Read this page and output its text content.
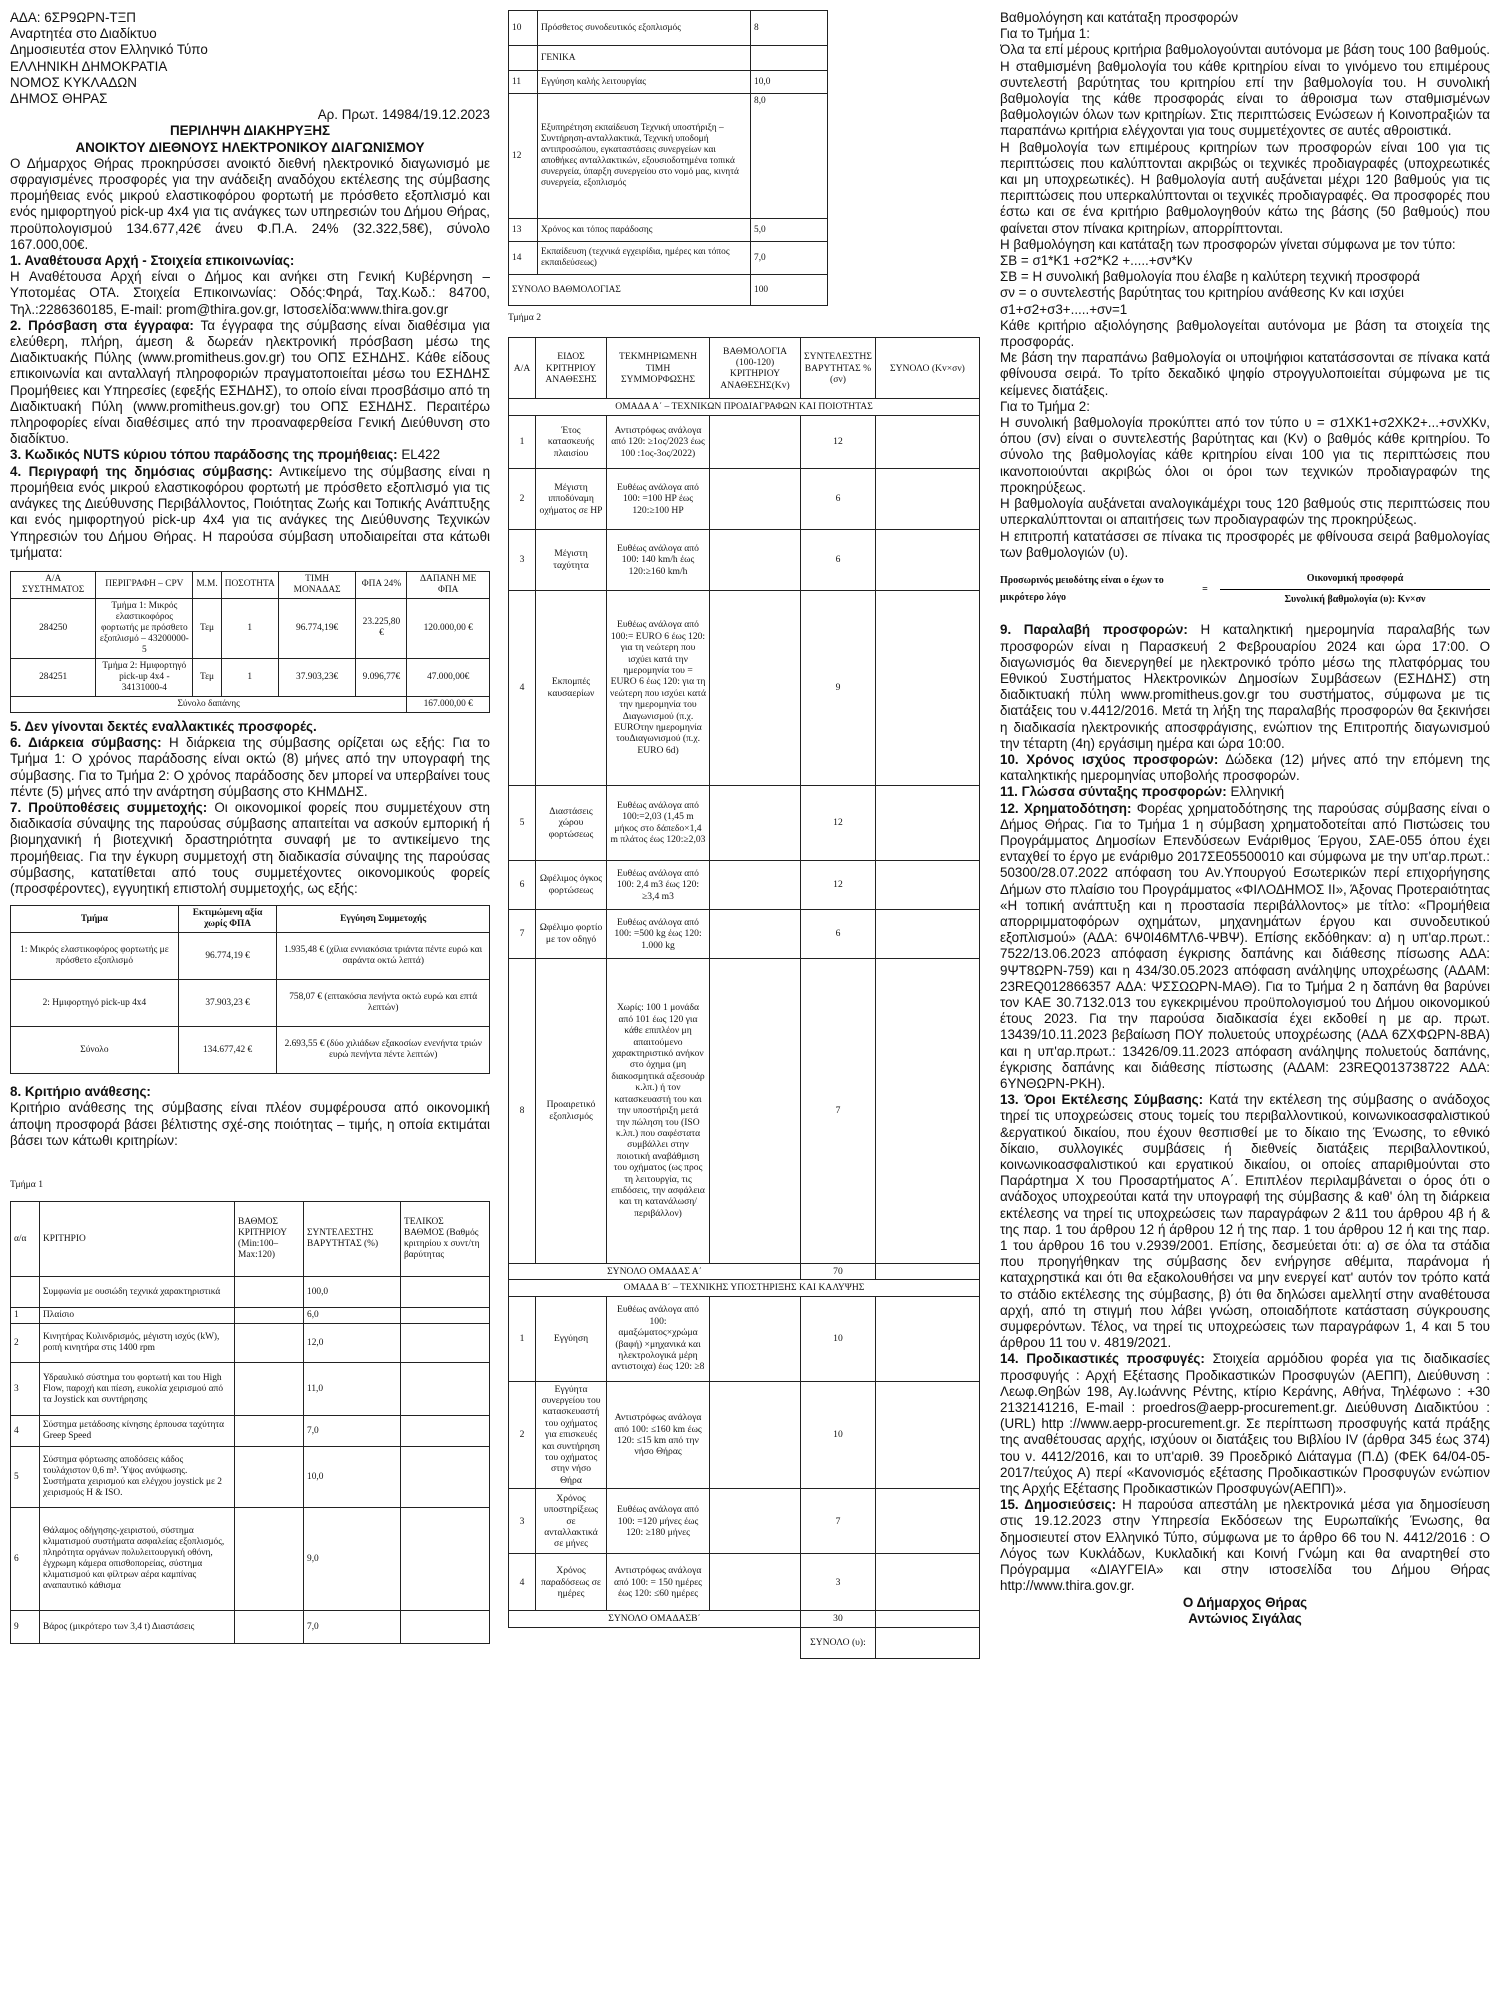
ΑΔΑ: 6ΣΡ9ΩΡΝ-ΤΞΠ
Αναρτητέα στο Διαδίκτυο
Δημοσιευτέα στον Ελληνικό Τύπο
ΕΛΛΗΝΙΚΗ ΔΗΜΟΚΡΑΤΙΑ
ΝΟΜΟΣ ΚΥΚΛΑΔΩΝ
ΔΗΜΟΣ ΘΗΡΑΣ
Αρ. Πρωτ. 14984/19.12.2023
ΠΕΡΙΛΗΨΗ ΔΙΑΚΗΡΥΞΗΣ
ΑΝΟΙΚΤΟΥ ΔΙΕΘΝΟΥΣ ΗΛΕΚΤΡΟΝΙΚΟΥ ΔΙΑΓΩΝΙΣΜΟΥ

Ο Δήμαρχος Θήρας προκηρύσσει ανοικτό διεθνή ηλεκτρονικό διαγωνισμό με σφραγισμένες προσφορές για την ανάδειξη αναδόχου εκτέλεσης της σύμβασης προμήθειας ενός μικρού ελαστικοφόρου φορτωτή με πρόσθετο εξοπλισμό και ενός ημιφορτηγού pick-up 4x4 για τις ανάγκες των υπηρεσιών του Δήμου Θήρας, προϋπολογισμού 134.677,42€ άνευ Φ.Π.Α. 24% (32.322,58€), σύνολο 167.000,00€.

1. Αναθέτουσα Αρχή - Στοιχεία επικοινωνίας:
Η Αναθέτουσα Αρχή είναι ο Δήμος και ανήκει στη Γενική Κυβέρνηση – Υποτομέας ΟΤΑ. Στοιχεία Επικοινωνίας: Οδός:Φηρά, Ταχ.Κωδ.: 84700, Τηλ.:2286360185, E-mail: prom@thira.gov.gr, Ιστοσελίδα:www.thira.gov.gr

2. Πρόσβαση στα έγγραφα: Τα έγγραφα της σύμβασης είναι διαθέσιμα για ελεύθερη, πλήρη, άμεση & δωρεάν ηλεκτρονική πρόσβαση μέσω της Διαδικτυακής Πύλης (www.promitheus.gov.gr) του ΟΠΣ ΕΣΗΔΗΣ. Κάθε είδους επικοινωνία και ανταλλαγή πληροφοριών πραγματοποιείται μέσω του ΕΣΗΔΗΣ Προμήθειες και Υπηρεσίες (εφεξής ΕΣΗΔΗΣ), το οποίο είναι προσβάσιμο από τη Διαδικτυακή Πύλη (www.promitheus.gov.gr) του ΟΠΣ ΕΣΗΔΗΣ. Περαιτέρω πληροφορίες είναι διαθέσιμες από την προαναφερθείσα Γενική Διεύθυνση στο διαδίκτυο.

3. Κωδικός NUTS κύριου τόπου παράδοσης της προμήθειας: EL422

4. Περιγραφή της δημόσιας σύμβασης: Αντικείμενο της σύμβασης είναι η προμήθεια ενός μικρού ελαστικοφόρου φορτωτή με πρόσθετο εξοπλισμό για τις ανάγκες της Διεύθυνσης Περιβάλλοντος, Ποιότητας Ζωής και Τοπικής Ανάπτυξης και ενός ημιφορτηγού pick-up 4x4 για τις ανάγκες της Διεύθυνσης Τεχνικών Υπηρεσιών του Δήμου Θήρας. Η παρούσα σύμβαση υποδιαιρείται στα κάτωθι τμήματα:

Α/Α ΣΥΣΤΗΜΑΤΟΣ	ΠΕΡΙΓΡΑΦΗ – CPV	Μ.Μ.	ΠΟΣΟΤΗΤΑ	ΤΙΜΗ ΜΟΝΑΔΑΣ	ΦΠΑ 24%	ΔΑΠΑΝΗ ΜΕ ΦΠΑ
284250	Τμήμα 1: Μικρός ελαστικοφόρος φορτωτής με πρόσθετο εξοπλισμό – 43200000-5	Τεμ	1	96.774,19€	23.225,80 €	120.000,00 €
284251	Τμήμα 2: Ημιφορτηγό pick-up 4x4 - 34131000-4	Τεμ	1	37.903,23€	9.096,77€	47.000,00€
Σύνολο δαπάνης						167.000,00 €

5. Δεν γίνονται δεκτές εναλλακτικές προσφορές.

6. Διάρκεια σύμβασης: Η διάρκεια της σύμβασης ορίζεται ως εξής: Για το Τμήμα 1: Ο χρόνος παράδοσης είναι οκτώ (8) μήνες από την υπογραφή της σύμβασης. Για το Τμήμα 2: Ο χρόνος παράδοσης δεν μπορεί να υπερβαίνει τους πέντε (5) μήνες από την ανάρτηση σύμβασης στο ΚΗΜΔΗΣ.

7. Προϋποθέσεις συμμετοχής: Οι οικονομικοί φορείς που συμμετέχουν στη διαδικασία σύναψης της παρούσας σύμβασης απαιτείται να ασκούν εμπορική ή βιομηχανική ή βιοτεχνική δραστηριότητα συναφή με το αντικείμενο της προμήθειας. Για την έγκυρη συμμετοχή στη διαδικασία σύναψης της παρούσας σύμβασης, κατατίθεται από τους συμμετέχοντες οικονομικούς φορείς (προσφέροντες), εγγυητική επιστολή συμμετοχής, ως εξής:

Τμήμα	Εκτιμώμενη αξία χωρίς ΦΠΑ	Εγγύηση Συμμετοχής
1: Μικρός ελαστικοφόρος φορτωτής με πρόσθετο εξοπλισμό	96.774,19 €	1.935,48 € (χίλια εννιακόσια τριάντα πέντε ευρώ και σαράντα οκτώ λεπτά)
2: Ημιφορτηγό pick-up 4x4	37.903,23 €	758,07 € (επτακόσια πενήντα οκτώ ευρώ και επτά λεπτών)
Σύνολο	134.677,42 €	2.693,55 € (δύο χιλιάδων εξακοσίων ενενήντα τριών ευρώ πενήντα πέντε λεπτών)

8. Κριτήριο ανάθεσης:
Κριτήριο ανάθεσης της σύμβασης είναι πλέον συμφέρουσα από οικονομική άποψη προσφορά βάσει βέλτιστης σχέ-σης ποιότητας – τιμής, η οποία εκτιμάται βάσει των κάτωθι κριτηρίων:

Τμήμα 1
α/α	ΚΡΙΤΗΡΙΟ	ΒΑΘΜΟΣ ΚΡΙΤΗΡΙΟΥ (Min:100–Max:120)	ΣΥΝΤΕΛΕΣΤΗΣ ΒΑΡΥΤΗΤΑΣ (%)	ΤΕΛΙΚΟΣ ΒΑΘΜΟΣ (Βαθμός κριτηρίου x συντ/τη βαρύτητας
	Συμφωνία με ουσιώδη τεχνικά χαρακτηριστικά		100,0	
1	Πλαίσιο		6,0	
2	Κινητήρας Κυλινδρισμός, μέγιστη ισχύς (kW), ροπή κινητήρα στις 1400 rpm		12,0	
3	Υδραυλικό σύστημα του φορτωτή και του High Flow, παροχή και πίεση, ευκολία χειρισμού από τα Joystick και συντήρησης		11,0	
4	Σύστημα μετάδοσης κίνησης έρπουσα ταχύτητα Greep Speed		7,0	
5	Σύστημα φόρτωσης αποδόσεις κάδος τουλάχιστον 0,6 m³. Ύψος ανύψωσης. Συστήματα χειρισμού και ελέγχου joystick με 2 χειρισμούς H & ISO.		10,0	
6	Θάλαμος οδήγησης-χειριστού, σύστημα κλιματισμού συστήματα ασφαλείας εξοπλισμός, πληρότητα οργάνων πολυλειτουργική οθόνη, έγχρωμη κάμερα οπισθοπορείας, σύστημα κλιματισμού και φίλτρων αέρα καμπίνας αναπαυτικό κάθισμα		9,0	
9	Βάρος (μικρότερο των 3,4 t) Διαστάσεις		7,0	
10	Πρόσθετος συνοδευτικός εξοπλισμός	8
	ΓΕΝΙΚΑ	
11	Εγγύηση καλής λειτουργίας	10,0
12	Εξυπηρέτηση εκπαίδευση Τεχνική υποστήριξη – Συντήρηση-ανταλλακτικά, Τεχνική υποδομή αντιπροσώπου, εγκαταστάσεις συνεργείων και αποθήκες ανταλλακτικών, εξουσιοδοτημένα τοπικά συνεργεία, ύπαρξη συνεργείου στο νομό μας, κινητά συνεργεία, εξοπλισμός	8,0
13	Χρόνος και τόπος παράδοσης	5,0
14	Εκπαίδευση (τεχνικά εγχειρίδια, ημέρες και τόπος εκπαιδεύσεως)	7,0
ΣΥΝΟΛΟ ΒΑΘΜΟΛΟΓΙΑΣ		100
Τμήμα 2
Α/Α	ΕΙΔΟΣ ΚΡΙΤΗΡΙΟΥ ΑΝΑΘΕΣΗΣ	ΤΕΚΜΗΡΙΩΜΕΝΗ ΤΙΜΗ ΣΥΜΜΟΡΦΩΣΗΣ	ΒΑΘΜΟΛΟΓΙΑ (100-120) ΚΡΙΤΗΡΙΟΥ ΑΝΑΘΕΣΗΣ(Kv)	ΣΥΝΤΕΛΕΣΤΗΣ ΒΑΡΥΤΗΤΑΣ % (σν)	ΣΥΝΟΛΟ (Kv×σν)
ΟΜΑΔΑ Α΄ – ΤΕΧΝΙΚΩΝ ΠΡΟΔΙΑΓΡΑΦΩΝ ΚΑΙ ΠΟΙΟΤΗΤΑΣ					
1	Έτος κατασκευής πλαισίου	Αντιστρόφως ανάλογα από 120: ≥1ος/2023 έως 100 :1ος-3ος/2022)		12	
2	Μέγιστη ιπποδύναμη οχήματος σε HP	Ευθέως ανάλογα από 100: =100 HP έως 120:≥100 HP		6	
3	Μέγιστη ταχύτητα	Ευθέως ανάλογα από 100: 140 km/h έως 120:≥160 km/h		6	
4	Εκπομπές καυσαερίων	Ευθέως ανάλογα από 100:= EURO 6 έως 120: για τη νεώτερη που ισχύει κατά την ημερομηνία του = EURO 6 έως 120: για τη νεώτερη που ισχύει κατά την ημερομηνία του Διαγωνισμού (π.χ. EUROτην ημερομηνία τουΔιαγωνισμού (π.χ. EURO 6d)		9	
5	Διαστάσεις χώρου φορτώσεως	Ευθέως ανάλογα από 100:=2,03 (1,45 m μήκος στο δάπεδο×1,4 m πλάτος έως 120:≥2,03		12	
6	Ωφέλιμος όγκος φορτώσεως	Ευθέως ανάλογα από 100: 2,4 m3 έως 120: ≥3,4 m3		12	
7	Ωφέλιμο φορτίο με τον οδηγό	Ευθέως ανάλογα από 100: =500 kg έως 120: 1.000 kg		6	
8	Προαιρετικό εξοπλισμός	Χωρίς: 100 1 μονάδα από 101 έως 120 για κάθε επιπλέον μη απαιτούμενο χαρακτηριστικό ανήκον στο όχημα (μη διακοσμητικά αξεσουάρ κ.λπ.) ή τον κατασκευαστή του και την υποστήριξη μετά την πώληση του (ISO κ.λπ.) που σαφέστατα συμβάλλει στην ποιοτική αναβάθμιση του οχήματος (ως προς τη λειτουργία, τις επιδόσεις, την ασφάλεια και τη κατανάλωση/περιβάλλον)		7	
ΣΥΝΟΛΟ ΟΜΑΔΑΣ Α΄				70	
ΟΜΑΔΑ Β΄ – ΤΕΧΝΙΚΗΣ ΥΠΟΣΤΗΡΙΞΗΣ ΚΑΙ ΚΑΛΥΨΗΣ					
1	Εγγύηση	Ευθέως ανάλογα από 100: αμαξώματος×χρώμα (βαφή) ×μηχανικά και ηλεκτρολογικά μέρη αντιστοιχα) έως 120: ≥8		10	
2	Εγγύητα συνεργείου του κατασκευαστή του οχήματος για επισκευές και συντήρηση του οχήματος στην νήσο Θήρα	Αντιστρόφως ανάλογα από 100: ≤160 km έως 120: ≤15 km από την νήσο Θήρας		10	
3	Χρόνος υποστηρίξεως σε ανταλλακτικά σε μήνες	Ευθέως ανάλογα από 100: =120 μήνες έως 120: ≥180 μήνες		7	
4	Χρόνος παραδόσεως σε ημέρες	Αντιστρόφως ανάλογα από 100: = 150 ημέρες έως 120: ≤60 ημέρες		3	
ΣΥΝΟΛΟ ΟΜΑΔΑΣΒ΄				30	
				ΣΥΝΟΛΟ (υ):	
Βαθμολόγηση και κατάταξη προσφορών
Για το Τμήμα 1:

Όλα τα επί μέρους κριτήρια βαθμολογούνται αυτόνομα με βάση τους 100 βαθμούς. Η σταθμισμένη βαθμολογία του κάθε κριτηρίου είναι το γινόμενο του επιμέρους συντελεστή βαρύτητας του κριτηρίου επί την βαθμολογία του. Η συνολική βαθμολογία της κάθε προσφοράς είναι το άθροισμα των σταθμισμένων βαθμολογιών όλων των κριτηρίων. Στις περιπτώσεις Ενώσεων ή Κοινοπραξιών τα παραπάνω κριτήρια ελέγχονται για τους συμμετέχοντες σε αυτές αθροιστικά.

Η βαθμολογία των επιμέρους κριτηρίων των προσφορών είναι 100 για τις περιπτώσεις που καλύπτονται ακριβώς οι τεχνικές προδιαγραφές (υποχρεωτικές και μη υποχρεωτικές). Η βαθμολογία αυτή αυξάνεται μέχρι 120 βαθμούς για τις περιπτώσεις που υπερκαλύπτονται οι τεχνικές προδιαγραφές. Θα προσφορές που έστω και σε ένα κριτήριο βαθμολογηθούν κάτω της βάσης (50 βαθμούς) που φαίνεται στον πίνακα κριτηρίων, απορρίπτονται.

Η βαθμολόγηση και κατάταξη των προσφορών γίνεται σύμφωνα με τον τύπο:

ΣΒ = σ1*Κ1 +σ2*Κ2 +.....+σν*Κν
ΣΒ = Η συνολική βαθμολογία που έλαβε η καλύτερη τεχνική προσφορά
σν = ο συντελεστής βαρύτητας του κριτηρίου ανάθεσης Κν και ισχύει
σ1+σ2+σ3+.....+σν=1

Κάθε κριτήριο αξιολόγησης βαθμολογείται αυτόνομα με βάση τα στοιχεία της προσφοράς.

Με βάση την παραπάνω βαθμολογία οι υποψήφιοι κατατάσσονται σε πίνακα κατά φθίνουσα σειρά. Το τρίτο δεκαδικό ψηφίο στρογγυλοποιείται σύμφωνα με τις κείμενες διατάξεις.

Για το Τμήμα 2:

Η συνολική βαθμολογία προκύπτει από τον τύπο υ = σ1ΧΚ1+σ2ΧΚ2+...+σνΧΚν, όπου (σν) είναι ο συντελεστής βαρύτητας και (Κν) ο βαθμός κάθε κριτηρίου. Το σύνολο της βαθμολογίας κάθε κριτηρίου είναι 100 για τις περιπτώσεις που ικανοποιούνται ακριβώς όλοι οι όροι των τεχνικών προδιαγραφών της προκηρύξεως.

Η βαθμολογία αυξάνεται αναλογικάμέχρι τους 120 βαθμούς στις περιπτώσεις που υπερκαλύπτονται οι απαιτήσεις των προδιαγραφών της προκηρύξεως.

Η επιτροπή κατατάσσει σε πίνακα τις προσφορές με φθίνουσα σειρά βαθμολογίας των βαθμολογιών (υ).

Προσωρινός μειοδότης είναι ο έχων το μικρότερο λόγο
=	$\frac{\text{Οικονομική προσφορά}}{\text{Συνολική βαθμολογία (υ): Κν×σν}}$

9. Παραλαβή προσφορών: Η καταληκτική ημερομηνία παραλαβής των προσφορών είναι η Παρασκευή 2 Φεβρουαρίου 2024 και ώρα 17:00. Ο διαγωνισμός θα διενεργηθεί με ηλεκτρονικό τρόπο μέσω της πλατφόρμας του Εθνικού Συστήματος Ηλεκτρονικών Δημοσίων Συμβάσεων (ΕΣΗΔΗΣ) στη διαδικτυακή πύλη www.promitheus.gov.gr του συστήματος, σύμφωνα με τις διατάξεις του ν.4412/2016. Μετά τη λήξη της παραλαβής προσφορών θα ξεκινήσει η διαδικασία ηλεκτρονικής αποσφράγισης, ενώπιον της Επιτροπής διαγωνισμού την τέταρτη (4η) εργάσιμη ημέρα και ώρα 10:00.

10. Χρόνος ισχύος προσφορών: Δώδεκα (12) μήνες από την επόμενη της καταληκτικής ημερομηνίας υποβολής προσφορών.

11. Γλώσσα σύνταξης προσφορών: Ελληνική

12. Χρηματοδότηση: Φορέας χρηματοδότησης της παρούσας σύμβασης είναι ο Δήμος Θήρας. Για το Τμήμα 1 η σύμβαση χρηματοδοτείται από Πιστώσεις του Προγράμματος Δημοσίων Επενδύσεων Ενάριθμος Έργου, ΣΑΕ-055 όπου έχει ενταχθεί το έργο με ενάριθμο 2017ΣΕ05500010 και σύμφωνα με την υπ'αρ.πρωτ.: 50300/28.07.2022 απόφαση του Αν.Υπουργού Εσωτερικών περί επιχορήγησης Δήμων στο πλαίσιο του Προγράμματος «ΦΙΛΟΔΗΜΟΣ ΙΙ», Άξονας Προτεραιότητας «Η τοπική ανάπτυξη και η προστασία περιβάλλοντος» με τίτλο: «Προμήθεια απορριμματοφόρων οχημάτων, μηχανημάτων έργου και συνοδευτικού εξοπλισμού» (ΑΔΑ: 6Ψ0Ι46ΜΤΛ6-ΨΒΨ). Επίσης εκδόθηκαν: α) η υπ'αρ.πρωτ.: 7522/13.06.2023 απόφαση έγκρισης δαπάνης και διάθεσης πίσωσης ΑΔΑ: 9ΨΤ8ΩΡΝ-759) και η 434/30.05.2023 απόφαση ανάληψης υποχρέωσης (ΑΔΑΜ: 23REQ012866357 ΑΔΑ: ΨΣΣΩΩΡΝ-ΜΑΘ). Για το Τμήμα 2 η δαπάνη θα βαρύνει τον ΚΑΕ 30.7132.013 του εγκεκριμένου προϋπολογισμού του Δήμου οικονομικού έτους 2023. Για την παρούσα διαδικασία έχει εκδοθεί η με αρ. πρωτ. 13439/10.11.2023 βεβαίωση ΠΟΥ πολυετούς υποχρέωσης (ΑΔΑ 6ΖΧΦΩΡΝ-8ΒΑ) και η υπ'αρ.πρωτ.: 13426/09.11.2023 απόφαση ανάληψης πολυετούς δαπάνης, έγκρισης δαπάνης και διάθεσης πίστωσης (ΑΔΑΜ: 23REQ013738722 ΑΔΑ: 6ΥΝΘΩΡΝ-ΡΚΗ).

13. Όροι Εκτέλεσης Σύμβασης: Κατά την εκτέλεση της σύμβασης ο ανάδοχος τηρεί τις υποχρεώσεις στους τομείς του περιβαλλοντικού, κοινωνικοασφαλιστικού &εργατικού δικαίου, που έχουν θεσπισθεί με το δίκαιο της Ένωσης, το εθνικό δίκαιο, συλλογικές συμβάσεις ή διεθνείς διατάξεις περιβαλλοντικού, κοινωνικοασφαλιστικού και εργατικού δικαίου, οι οποίες απαριθμούνται στο Παράρτημα Χ του Προσαρτήματος Α΄. Επιπλέον περιλαμβάνεται ο όρος ότι ο ανάδοχος υποχρεούται κατά την υπογραφή της σύμβασης & καθ' όλη τη διάρκεια εκτέλεσης να τηρεί τις υποχρεώσεις των παραγράφων 2 &11 του άρθρου 4β ή & της παρ. 1 του άρθρου 12 ή άρθρου 12 ή της παρ. 1 του άρθρου 12 ή και της παρ. 1 του άρθρου 16 του ν.2939/2001. Επίσης, δεσμεύεται ότι: α) σε όλα τα στάδια που προηγήθηκαν της σύμβασης δεν ενήργησε αθέμιτα, παράνομα ή καταχρηστικά και ότι θα εξακολουθήσει να μην ενεργεί κατ' αυτόν τον τρόπο κατά το στάδιο εκτέλεσης της σύμβασης, β) ότι θα δηλώσει αμελλητί στην αναθέτουσα αρχή, από τη στιγμή που λάβει γνώση, οποιαδήποτε κατάσταση σύγκρουσης συμφερόντων. Τέλος, να τηρεί τις υποχρεώσεις των παραγράφων 1, 4 και 5 του άρθρου 11 του ν. 4819/2021.

14. Προδικαστικές προσφυγές: Στοιχεία αρμόδιου φορέα για τις διαδικασίες προσφυγής : Αρχή Εξέτασης Προδικαστικών Προσφυγών (ΑΕΠΠ), Διεύθυνση : Λεωφ.Θηβών 198, Αγ.Ιωάννης Ρέντης, κτίριο Κεράνης, Αθήνα, Τηλέφωνο : +30 2132141216, E-mail : proedros@aepp-procurement.gr. Διεύθυνση Διαδικτύου : (URL) http ://www.aepp-procurement.gr. Σε περίπτωση προσφυγής κατά πράξης της αναθέτουσας αρχής, ισχύουν οι διατάξεις του Βιβλίου IV (άρθρα 345 έως 374) του ν. 4412/2016, και το υπ'αριθ. 39 Προεδρικό Διάταγμα (Π.Δ) (ΦΕΚ 64/04-05-2017/τεύχος Α) περί «Κανονισμός εξέτασης Προδικαστικών Προσφυγών ενώπιον της Αρχής Εξέτασης Προδικαστικών Προσφυγών(ΑΕΠΠ)».

15. Δημοσιεύσεις: Η παρούσα απεστάλη με ηλεκτρονικά μέσα για δημοσίευση στις 19.12.2023 στην Υπηρεσία Εκδόσεων της Ευρωπαϊκής Ένωσης, θα δημοσιευτεί στον Ελληνικό Τύπο, σύμφωνα με το άρθρο 66 του Ν. 4412/2016 : Ο Λόγος των Κυκλάδων, Κυκλαδική και Κοινή Γνώμη και θα αναρτηθεί στο Πρόγραμμα «ΔΙΑΥΓΕΙΑ» και στην ιστοσελίδα του Δήμου Θήρας http://www.thira.gov.gr.

Ο Δήμαρχος Θήρας
Αντώνιος Σιγάλας
